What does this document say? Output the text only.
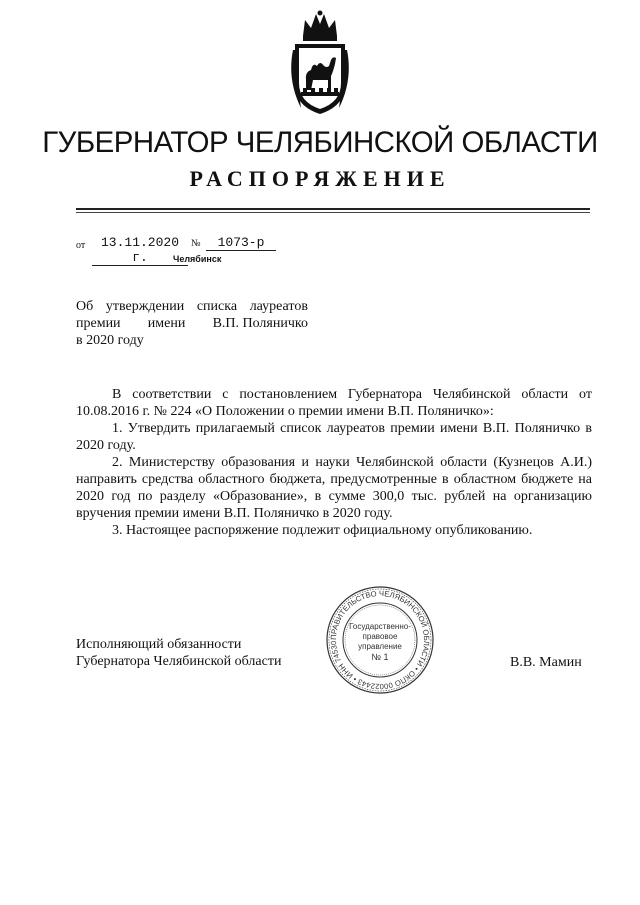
ГУБЕРНАТОР ЧЕЛЯБИНСКОЙ ОБЛАСТИ
РАСПОРЯЖЕНИЕ
от	13.11.2020 г.
№	1073-р
Челябинск
Об утверждении списка лауреатов
премии имени В.П. Поляничко
в 2020 году

В соответствии с постановлением Губернатора Челябинской области от 10.08.2016 г. № 224 «О Положении о премии имени В.П. Поляничко»:

1. Утвердить прилагаемый список лауреатов премии имени В.П. Поляничко в 2020 году.

2. Министерству образования и науки Челябинской области (Кузнецов А.И.) направить средства областного бюджета, предусмотренные в областном бюджете на 2020 год по разделу «Образование», в сумме 300,0 тыс. рублей на организацию вручения премии имени В.П. Поляничко в 2020 году.

3. Настоящее распоряжение подлежит официальному опубликованию.

ПРАВИТЕЛЬСТВО ЧЕЛЯБИНСКОЙ ОБЛАСТИ • ОКПО 00022443 • ИНН 74530
Государственно-
правовое
управление
№ 1
Исполняющий обязанности
Губернатора Челябинской области	В.В. Мамин
